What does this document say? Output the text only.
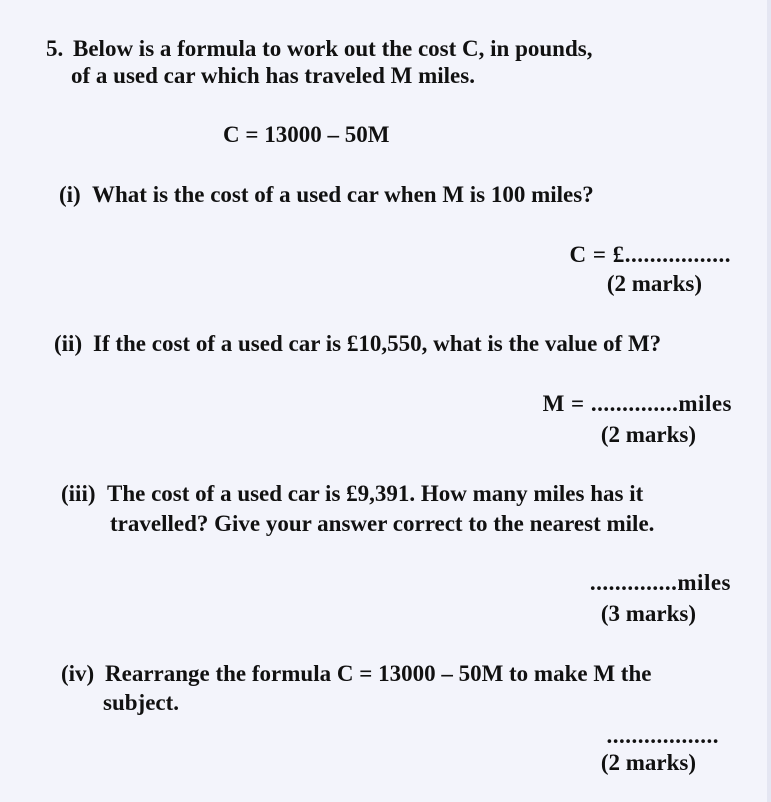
5. Below is a formula to work out the cost C, in pounds,
of a used car which has traveled M miles.
C = 13000 – 50M
(i) What is the cost of a used car when M is 100 miles?
C = £.................
(2 marks)
(ii) If the cost of a used car is £10,550, what is the value of M?
M = ..............miles
(2 marks)
(iii) The cost of a used car is £9,391. How many miles has it
travelled? Give your answer correct to the nearest mile.
..............miles
(3 marks)
(iv) Rearrange the formula C = 13000 – 50M to make M the
subject.
..................
(2 marks)
